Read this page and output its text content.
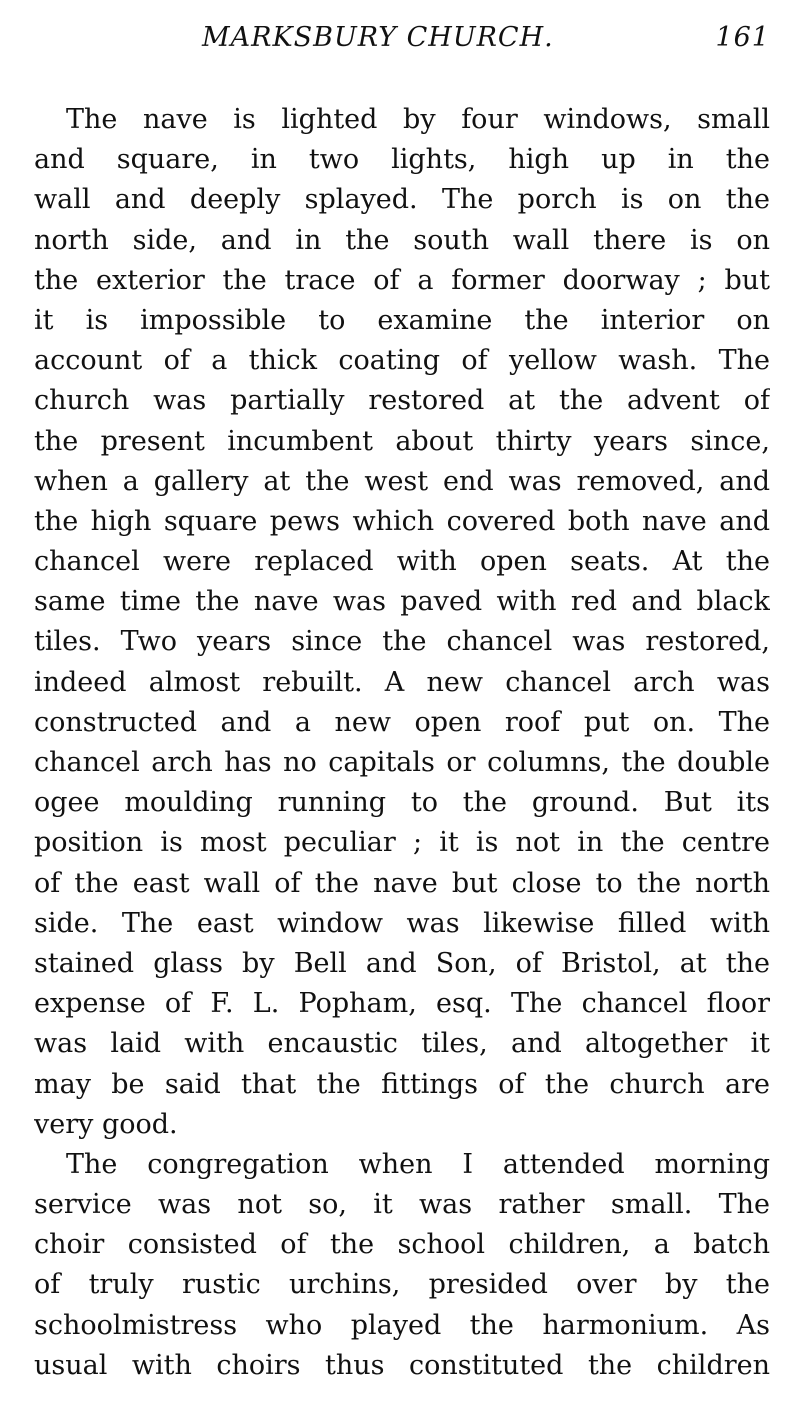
MARKSBURY CHURCH.	161
The nave is lighted by four windows, small
and square, in two lights, high up in the
wall and deeply splayed. The porch is on the
north side, and in the south wall there is on
the exterior the trace of a former doorway ; but
it is impossible to examine the interior on
account of a thick coating of yellow wash. The
church was partially restored at the advent of
the present incumbent about thirty years since,
when a gallery at the west end was removed, and
the high square pews which covered both nave and
chancel were replaced with open seats. At the
same time the nave was paved with red and black
tiles. Two years since the chancel was restored,
indeed almost rebuilt. A new chancel arch was
constructed and a new open roof put on. The
chancel arch has no capitals or columns, the double
ogee moulding running to the ground. But its
position is most peculiar ; it is not in the centre
of the east wall of the nave but close to the north
side. The east window was likewise filled with
stained glass by Bell and Son, of Bristol, at the
expense of F. L. Popham, esq. The chancel floor
was laid with encaustic tiles, and altogether it
may be said that the fittings of the church are
very good.
The congregation when I attended morning
service was not so, it was rather small. The
choir consisted of the school children, a batch
of truly rustic urchins, presided over by the
schoolmistress who played the harmonium. As
usual with choirs thus constituted the children
